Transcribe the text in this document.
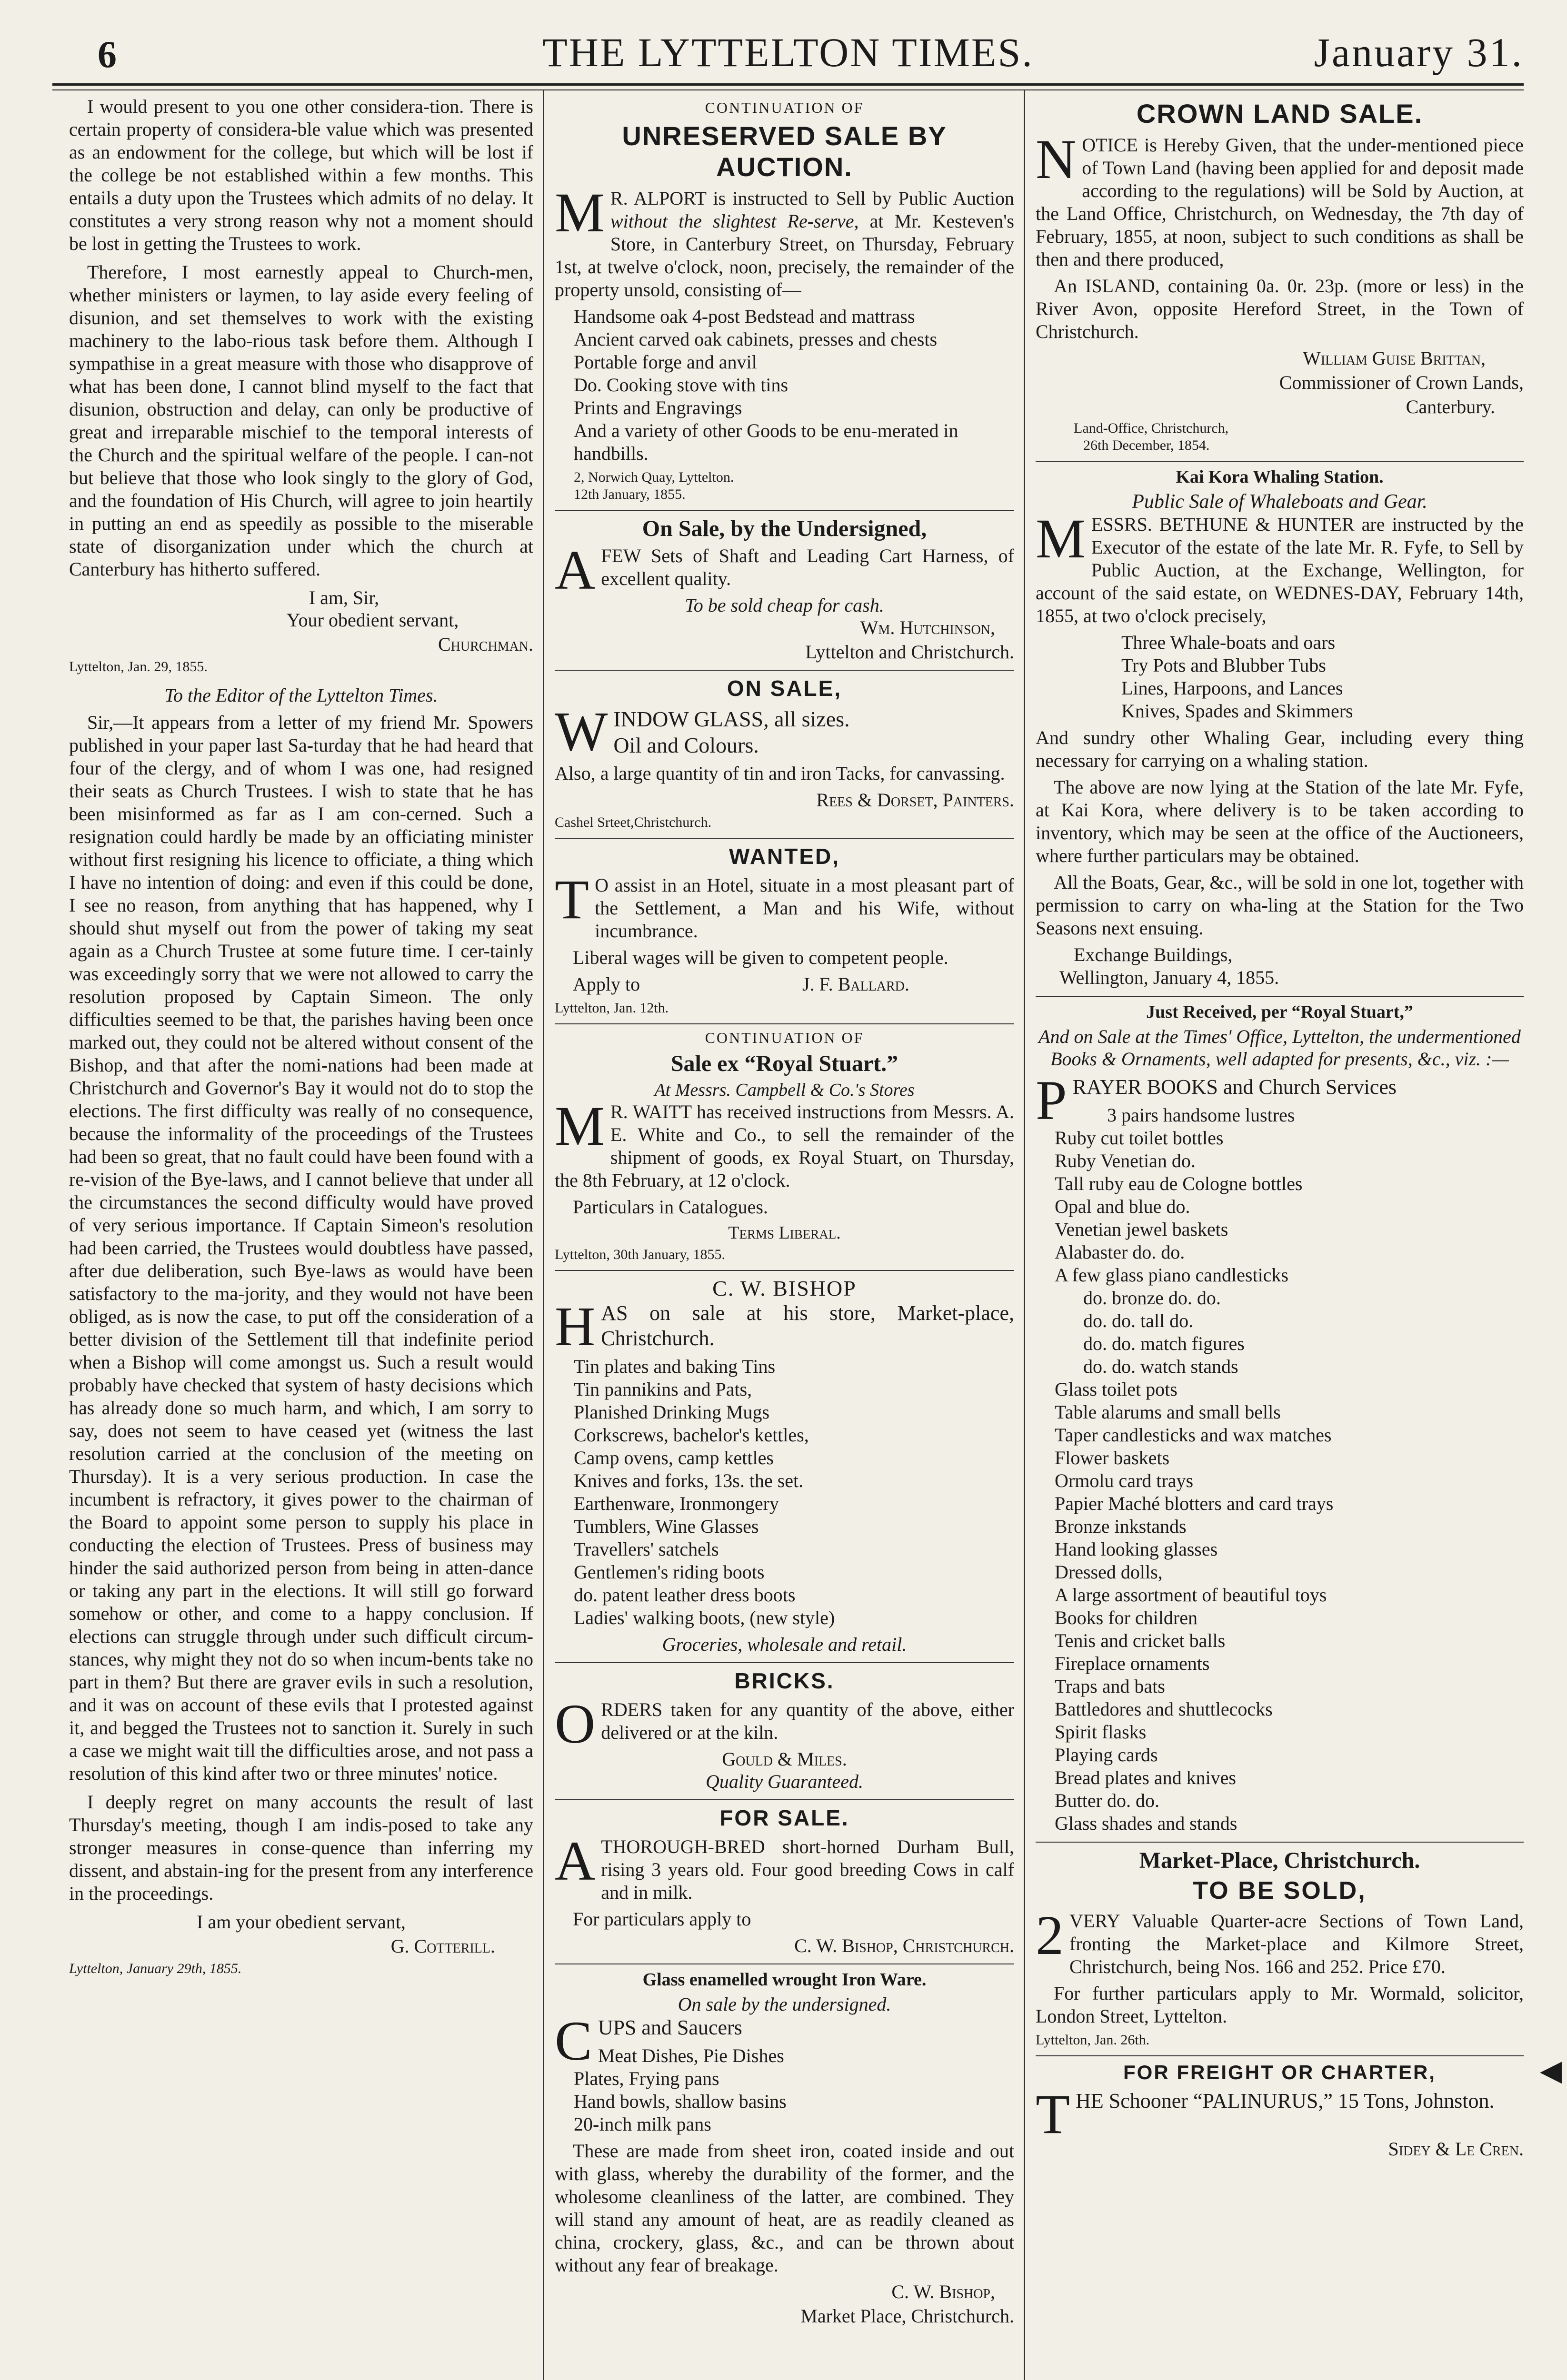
6	THE LYTTELTON TIMES.	January 31.

I would present to you one other considera-tion. There is certain property of considera-ble value which was presented as an endowment for the college, but which will be lost if the college be not established within a few months. This entails a duty upon the Trustees which admits of no delay. It constitutes a very strong reason why not a moment should be lost in getting the Trustees to work.

Therefore, I most earnestly appeal to Church-men, whether ministers or laymen, to lay aside every feeling of disunion, and set themselves to work with the existing machinery to the labo-rious task before them. Although I sympathise in a great measure with those who disapprove of what has been done, I cannot blind myself to the fact that disunion, obstruction and delay, can only be productive of great and irreparable mischief to the temporal interests of the Church and the spiritual welfare of the people. I can-not but believe that those who look singly to the glory of God, and the foundation of His Church, will agree to join heartily in putting an end as speedily as possible to the miserable state of disorganization under which the church at Canterbury has hitherto suffered.

I am, Sir,
Your obedient servant,
Churchman.
Lyttelton, Jan. 29, 1855.
To the Editor of the Lyttelton Times.

Sir,—It appears from a letter of my friend Mr. Spowers published in your paper last Sa-turday that he had heard that four of the clergy, and of whom I was one, had resigned their seats as Church Trustees. I wish to state that he has been misinformed as far as I am con-cerned. Such a resignation could hardly be made by an officiating minister without first resigning his licence to officiate, a thing which I have no intention of doing: and even if this could be done, I see no reason, from anything that has happened, why I should shut myself out from the power of taking my seat again as a Church Trustee at some future time. I cer-tainly was exceedingly sorry that we were not allowed to carry the resolution proposed by Captain Simeon. The only difficulties seemed to be that, the parishes having been once marked out, they could not be altered without consent of the Bishop, and that after the nomi-nations had been made at Christchurch and Governor's Bay it would not do to stop the elections. The first difficulty was really of no consequence, because the informality of the proceedings of the Trustees had been so great, that no fault could have been found with a re-vision of the Bye-laws, and I cannot believe that under all the circumstances the second difficulty would have proved of very serious importance. If Captain Simeon's resolution had been carried, the Trustees would doubtless have passed, after due deliberation, such Bye-laws as would have been satisfactory to the ma-jority, and they would not have been obliged, as is now the case, to put off the consideration of a better division of the Settlement till that indefinite period when a Bishop will come amongst us. Such a result would probably have checked that system of hasty decisions which has already done so much harm, and which, I am sorry to say, does not seem to have ceased yet (witness the last resolution carried at the conclusion of the meeting on Thursday). It is a very serious production. In case the incumbent is refractory, it gives power to the chairman of the Board to appoint some person to supply his place in conducting the election of Trustees. Press of business may hinder the said authorized person from being in atten-dance or taking any part in the elections. It will still go forward somehow or other, and come to a happy conclusion. If elections can struggle through under such difficult circum-stances, why might they not do so when incum-bents take no part in them? But there are graver evils in such a resolution, and it was on account of these evils that I protested against it, and begged the Trustees not to sanction it. Surely in such a case we might wait till the difficulties arose, and not pass a resolution of this kind after two or three minutes' notice.

I deeply regret on many accounts the result of last Thursday's meeting, though I am indis-posed to take any stronger measures in conse-quence than inferring my dissent, and abstain-ing for the present from any interference in the proceedings.

I am your obedient servant,
G. Cotterill.
Lyttelton, January 29th, 1855.
CONTINUATION OF
UNRESERVED SALE BY AUCTION.
M R. ALPORT is instructed to Sell by Public Auction without the slightest Re-serve, at Mr. Kesteven's Store, in Canterbury Street, on Thursday, February 1st, at twelve o'clock, noon, precisely, the remainder of the property unsold, consisting of—
Handsome oak 4-post Bedstead and mattrass
Ancient carved oak cabinets, presses and chests
Portable forge and anvil
Do. Cooking stove with tins
Prints and Engravings
And a variety of other Goods to be enu-merated in handbills.
2, Norwich Quay, Lyttelton.
12th January, 1855.
On Sale, by the Undersigned,
AFEW Sets of Shaft and Leading Cart Harness, of excellent quality.
To be sold cheap for cash.
Wm. Hutchinson,
Lyttelton and Christchurch.
ON SALE,
WINDOW GLASS, all sizes.
Oil and Colours.
Also, a large quantity of tin and iron Tacks, for canvassing.
Rees & Dorset, Painters.
Cashel Srteet,Christchurch.
WANTED,
T O assist in an Hotel, situate in a most pleasant part of the Settlement, a Man and his Wife, without incumbrance.
Liberal wages will be given to competent people.
Apply to	J. F. Ballard.
Lyttelton, Jan. 12th.
CONTINUATION OF
Sale ex “Royal Stuart.”
At Messrs. Campbell & Co.'s Stores
M R. WAITT has received instructions from Messrs. A. E. White and Co., to sell the remainder of the shipment of goods, ex Royal Stuart, on Thursday, the 8th February, at 12 o'clock.
Particulars in Catalogues.
Terms Liberal.
Lyttelton, 30th January, 1855.
C. W. BISHOP
HAS on sale at his store, Market-place, Christchurch.
Tin plates and baking Tins
Tin pannikins and Pats,
Planished Drinking Mugs
Corkscrews, bachelor's kettles,
Camp ovens, camp kettles
Knives and forks, 13s. the set.
Earthenware, Ironmongery
Tumblers, Wine Glasses
Travellers' satchels
Gentlemen's riding boots
do. patent leather dress boots
Ladies' walking boots, (new style)
Groceries, wholesale and retail.
BRICKS.
ORDERS taken for any quantity of the above, either delivered or at the kiln.
Gould & Miles.
Quality Guaranteed.
FOR SALE.
ATHOROUGH-BRED short-horned Durham Bull, rising 3 years old. Four good breeding Cows in calf and in milk.
For particulars apply to
C. W. Bishop, Christchurch.
Glass enamelled wrought Iron Ware.
On sale by the undersigned.
CUPS and Saucers
Meat Dishes, Pie Dishes
Plates, Frying pans
Hand bowls, shallow basins
20-inch milk pans
These are made from sheet iron, coated inside and out with glass, whereby the durability of the former, and the wholesome cleanliness of the latter, are combined. They will stand any amount of heat, are as readily cleaned as china, crockery, glass, &c., and can be thrown about without any fear of breakage.
C. W. Bishop,
Market Place, Christchurch.
CROWN LAND SALE.
NOTICE is Hereby Given, that the under-mentioned piece of Town Land (having been applied for and deposit made according to the regulations) will be Sold by Auction, at the Land Office, Christchurch, on Wednesday, the 7th day of February, 1855, at noon, subject to such conditions as shall be then and there produced,
An ISLAND, containing 0a. 0r. 23p. (more or less) in the River Avon, opposite Hereford Street, in the Town of Christchurch.
William Guise Brittan,
Commissioner of Crown Lands,
Canterbury.
Land-Office, Christchurch,
26th December, 1854.
Kai Kora Whaling Station.
Public Sale of Whaleboats and Gear.
MESSRS. BETHUNE & HUNTER are instructed by the Executor of the estate of the late Mr. R. Fyfe, to Sell by Public Auction, at the Exchange, Wellington, for account of the said estate, on WEDNES-DAY, February 14th, 1855, at two o'clock precisely,
Three Whale-boats and oars
Try Pots and Blubber Tubs
Lines, Harpoons, and Lances
Knives, Spades and Skimmers
And sundry other Whaling Gear, including every thing necessary for carrying on a whaling station.
The above are now lying at the Station of the late Mr. Fyfe, at Kai Kora, where delivery is to be taken according to inventory, which may be seen at the office of the Auctioneers, where further particulars may be obtained.
All the Boats, Gear, &c., will be sold in one lot, together with permission to carry on wha-ling at the Station for the Two Seasons next ensuing.
Exchange Buildings,
Wellington, January 4, 1855.
Just Received, per “Royal Stuart,”
And on Sale at the Times' Office, Lyttelton, the undermentioned Books & Ornaments, well adapted for presents, &c., viz. :—
PRAYER BOOKS and Church Services
3 pairs handsome lustres
Ruby cut toilet bottles
Ruby Venetian do.
Tall ruby eau de Cologne bottles
Opal and blue do.
Venetian jewel baskets
Alabaster do. do.
A few glass piano candlesticks
do. bronze do. do.
do. do. tall do.
do. do. match figures
do. do. watch stands
Glass toilet pots
Table alarums and small bells
Taper candlesticks and wax matches
Flower baskets
Ormolu card trays
Papier Maché blotters and card trays
Bronze inkstands
Hand looking glasses
Dressed dolls,
A large assortment of beautiful toys
Books for children
Tenis and cricket balls
Fireplace ornaments
Traps and bats
Battledores and shuttlecocks
Spirit flasks
Playing cards
Bread plates and knives
Butter do. do.
Glass shades and stands
Market-Place, Christchurch.
TO BE SOLD,
2 VERY Valuable Quarter-acre Sections of Town Land, fronting the Market-place and Kilmore Street, Christchurch, being Nos. 166 and 252. Price £70.
For further particulars apply to Mr. Wormald, solicitor, London Street, Lyttelton.
Lyttelton, Jan. 26th.
FOR FREIGHT OR CHARTER,
THE Schooner “PALINURUS,” 15 Tons, Johnston.
Sidey & Le Cren.
◀
